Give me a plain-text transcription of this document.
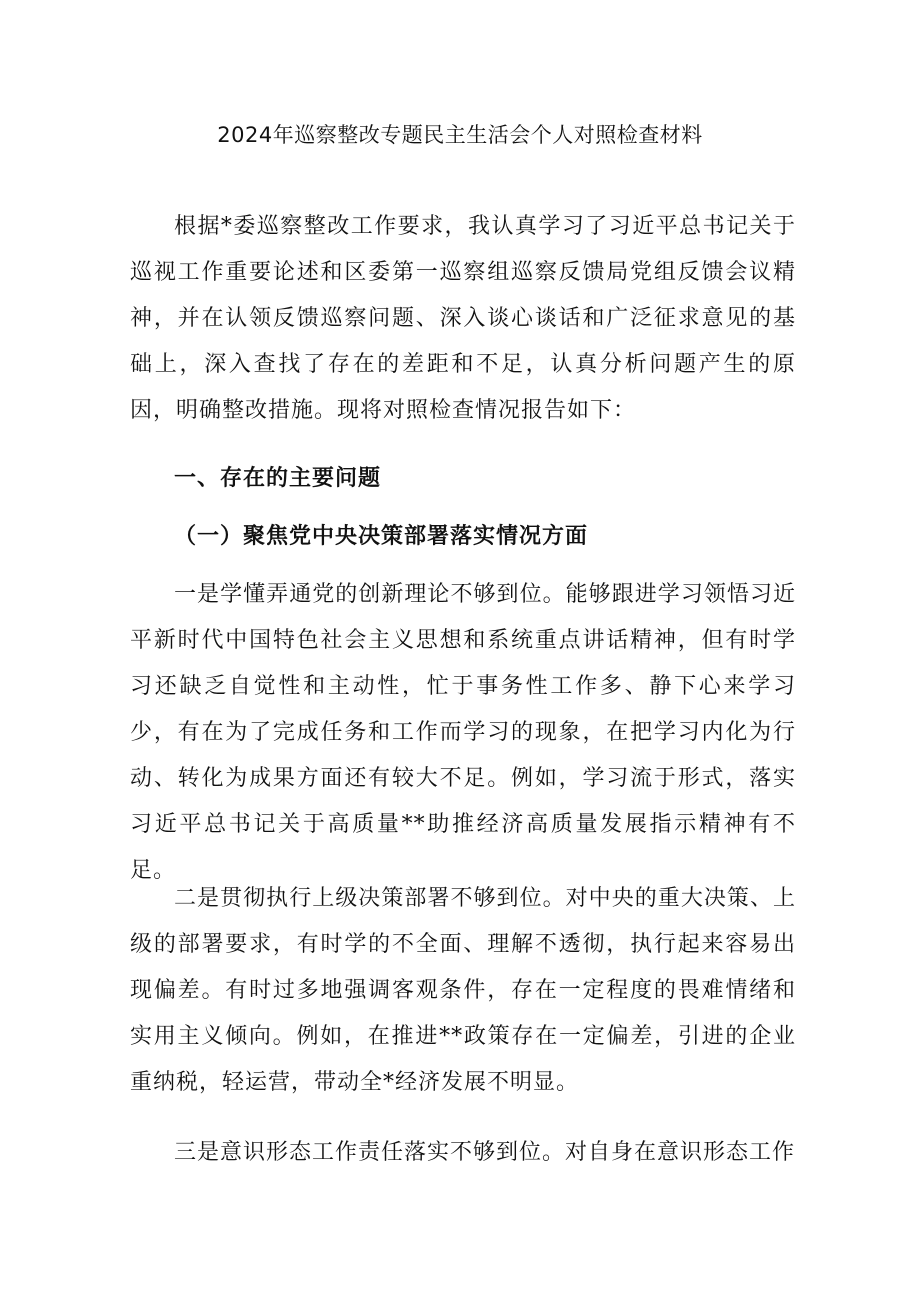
2024年巡察整改专题民主生活会个人对照检查材料

根据*委巡察整改工作要求，我认真学习了习近平总书记关于巡视工作重要论述和区委第一巡察组巡察反馈局党组反馈会议精神，并在认领反馈巡察问题、深入谈心谈话和广泛征求意见的基础上，深入查找了存在的差距和不足，认真分析问题产生的原因，明确整改措施。现将对照检查情况报告如下：

一、存在的主要问题
（一）聚焦党中央决策部署落实情况方面

一是学懂弄通党的创新理论不够到位。能够跟进学习领悟习近平新时代中国特色社会主义思想和系统重点讲话精神，但有时学习还缺乏自觉性和主动性，忙于事务性工作多、静下心来学习少，有在为了完成任务和工作而学习的现象，在把学习内化为行动、转化为成果方面还有较大不足。例如，学习流于形式，落实习近平总书记关于高质量**助推经济高质量发展指示精神有不足。

二是贯彻执行上级决策部署不够到位。对中央的重大决策、上级的部署要求，有时学的不全面、理解不透彻，执行起来容易出现偏差。有时过多地强调客观条件，存在一定程度的畏难情绪和实用主义倾向。例如，在推进**政策存在一定偏差，引进的企业重纳税，轻运营，带动全*经济发展不明显。

三是意识形态工作责任落实不够到位。对自身在意识形态工作
